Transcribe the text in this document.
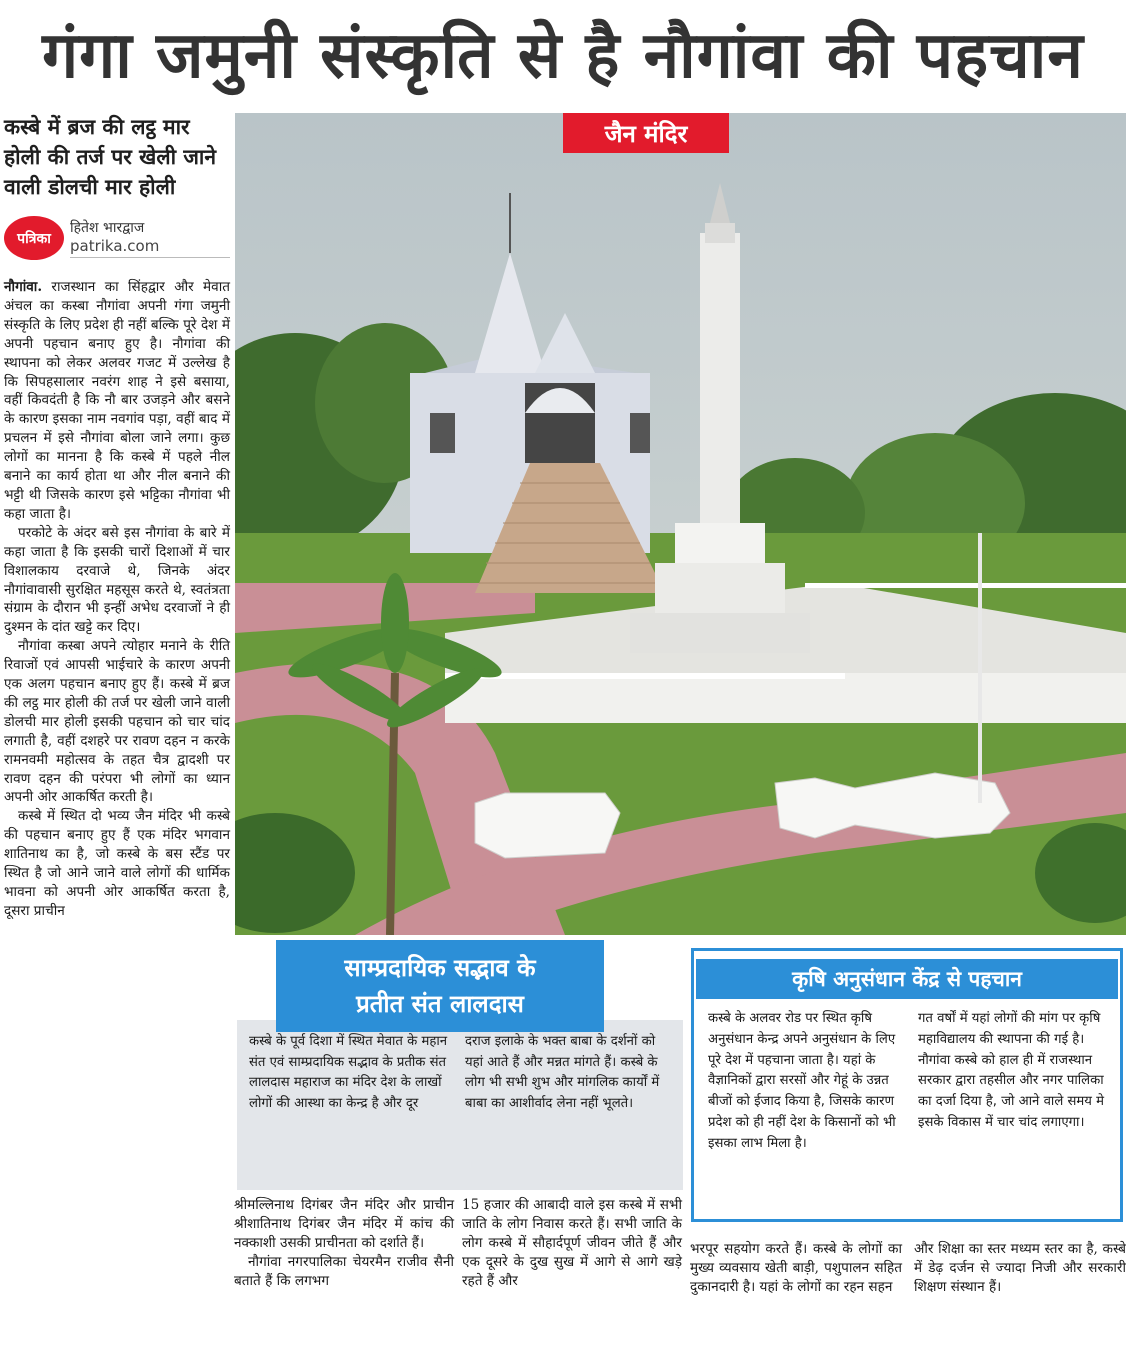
गंगा जमुनी संस्कृति से है नौगांवा की पहचान
कस्बे में ब्रज की लट्ठ मार होली की तर्ज पर खेली जाने वाली डोलची मार होली
पत्रिका
हितेश भारद्वाज
patrika.com

नौगांवा. राजस्थान का सिंहद्वार और मेवात अंचल का कस्बा नौगांवा अपनी गंगा जमुनी संस्कृति के लिए प्रदेश ही नहीं बल्कि पूरे देश में अपनी पहचान बनाए हुए है। नौगांवा की स्थापना को लेकर अलवर गजट में उल्लेख है कि सिपहसालार नवरंग शाह ने इसे बसाया, वहीं किवदंती है कि नौ बार उजड़ने और बसने के कारण इसका नाम नवगांव पड़ा, वहीं बाद में प्रचलन में इसे नौगांवा बोला जाने लगा। कुछ लोगों का मानना है कि कस्बे में पहले नील बनाने का कार्य होता था और नील बनाने की भट्टी थी जिसके कारण इसे भट्टिका नौगांवा भी कहा जाता है।

परकोटे के अंदर बसे इस नौगांवा के बारे में कहा जाता है कि इसकी चारों दिशाओं में चार विशालकाय दरवाजे थे, जिनके अंदर नौगांवावासी सुरक्षित महसूस करते थे, स्वतंत्रता संग्राम के दौरान भी इन्हीं अभेध दरवाजों ने ही दुश्मन के दांत खट्टे कर दिए।

नौगांवा कस्बा अपने त्योहार मनाने के रीति रिवाजों एवं आपसी भाईचारे के कारण अपनी एक अलग पहचान बनाए हुए हैं। कस्बे में ब्रज की लट्ठ मार होली की तर्ज पर खेली जाने वाली डोलची मार होली इसकी पहचान को चार चांद लगाती है, वहीं दशहरे पर रावण दहन न करके रामनवमी महोत्सव के तहत चैत्र द्वादशी पर रावण दहन की परंपरा भी लोगों का ध्यान अपनी ओर आकर्षित करती है।

कस्बे में स्थित दो भव्य जैन मंदिर भी कस्बे की पहचान बनाए हुए हैं एक मंदिर भगवान शातिनाथ का है, जो कस्बे के बस स्टैंड पर स्थित है जो आने जाने वाले लोगों की धार्मिक भावना को अपनी ओर आकर्षित करता है, दूसरा प्राचीन

जैन मंदिर
कस्बे के पूर्व दिशा में स्थित मेवात के महान संत एवं साम्प्रदायिक सद्भाव के प्रतीक संत लालदास महाराज का मंदिर देश के लाखों लोगों की आस्था का केन्द्र है और दूर
दराज इलाके के भक्त बाबा के दर्शनों को यहां आते हैं और मन्नत मांगते हैं। कस्बे के लोग भी सभी शुभ और मांगलिक कार्यों में बाबा का आशीर्वाद लेना नहीं भूलते।
साम्प्रदायिक सद्भाव के
प्रतीत संत लालदास
कृषि अनुसंधान केंद्र से पहचान
कस्बे के अलवर रोड पर स्थित कृषि अनुसंधान केन्द्र अपने अनुसंधान के लिए पूरे देश में पहचाना जाता है। यहां के वैज्ञानिकों द्वारा सरसों और गेहूं के उन्नत बीजों को ईजाद किया है, जिसके कारण प्रदेश को ही नहीं देश के किसानों को भी इसका लाभ मिला है।
गत वर्षों में यहां लोगों की मांग पर कृषि महाविद्यालय की स्थापना की गई है। नौगांवा कस्बे को हाल ही में राजस्थान सरकार द्वारा तहसील और नगर पालिका का दर्जा दिया है, जो आने वाले समय मे इसके विकास में चार चांद लगाएगा।

श्रीमल्लिनाथ दिगंबर जैन मंदिर और प्राचीन श्रीशातिनाथ दिगंबर जैन मंदिर में कांच की नक्काशी उसकी प्राचीनता को दर्शाते हैं।

नौगांवा नगरपालिका चेयरमैन राजीव सैनी बताते हैं कि लगभग

15 हजार की आबादी वाले इस कस्बे में सभी जाति के लोग निवास करते हैं। सभी जाति के लोग कस्बे में सौहार्दपूर्ण जीवन जीते हैं और एक दूसरे के दुख सुख में आगे से आगे खड़े रहते हैं और
भरपूर सहयोग करते हैं। कस्बे के लोगों का मुख्य व्यवसाय खेती बाड़ी, पशुपालन सहित दुकानदारी है। यहां के लोगों का रहन सहन
और शिक्षा का स्तर मध्यम स्तर का है, कस्बे में डेढ़ दर्जन से ज्यादा निजी और सरकारी शिक्षण संस्थान हैं।
